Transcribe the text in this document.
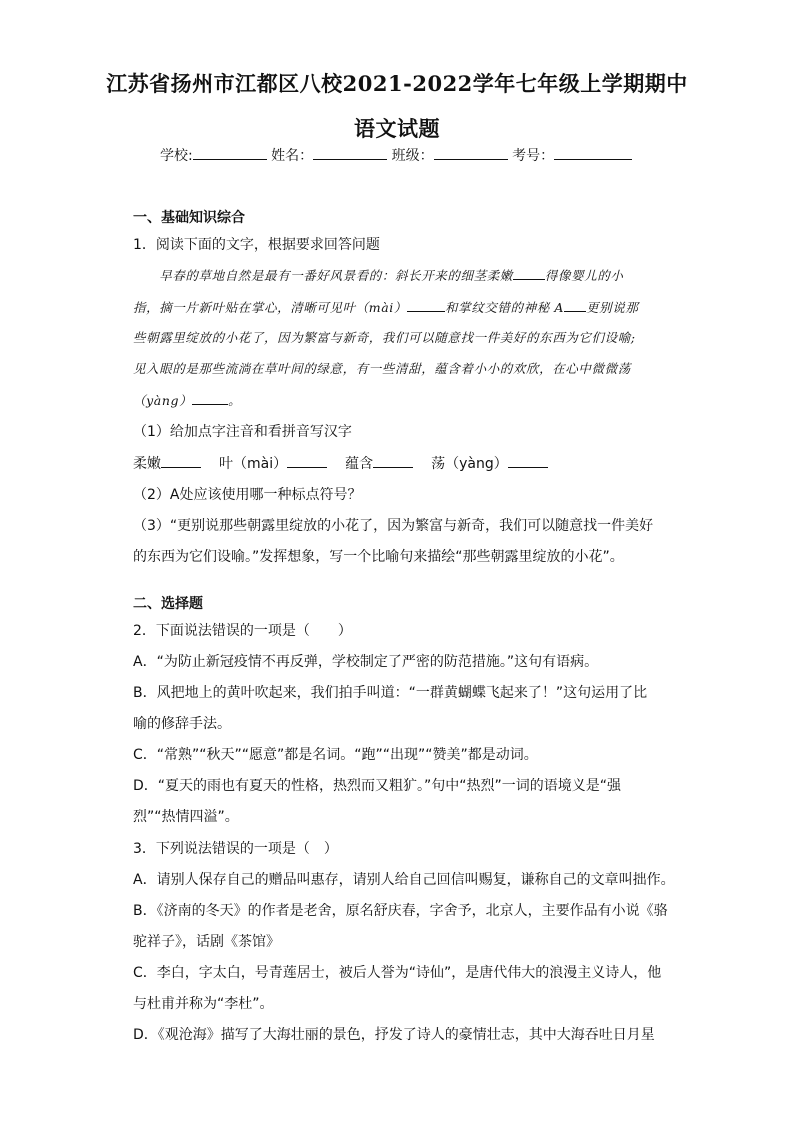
江苏省扬州市江都区八校2021-2022学年七年级上学期期中
语文试题
学校:	姓名：	班级：	考号：
一、基础知识综合
1．阅读下面的文字，根据要求回答问题
　　早春的草地自然是最有一番好风景看的：斜长开来的细茎柔嫩	得像婴儿的小
指，摘一片新叶贴在掌心，清晰可见叶（mài）	和掌纹交错的神秘 A 更别说那
些朝露里绽放的小花了，因为繁富与新奇，我们可以随意找一件美好的东西为它们设喻;
见入眼的是那些流淌在草叶间的绿意，有一些清甜，蕴含着小小的欢欣，在心中微微荡
（yàng）	。
（1）给加点字注音和看拼音写汉字
柔嫩	叶（mài）	蕴含	荡（yàng）
（2）A处应该使用哪一种标点符号？
（3）“更别说那些朝露里绽放的小花了，因为繁富与新奇，我们可以随意找一件美好
的东西为它们设喻。”发挥想象，写一个比喻句来描绘“那些朝露里绽放的小花”。
二、选择题
2．下面说法错误的一项是（　　）
A．“为防止新冠疫情不再反弹，学校制定了严密的防范措施。”这句有语病。
B．风把地上的黄叶吹起来，我们拍手叫道：“一群黄蝴蝶飞起来了！”这句运用了比
喻的修辞手法。
C．“常熟”“秋天”“愿意”都是名词。“跑”“出现”“赞美”都是动词。
D．“夏天的雨也有夏天的性格，热烈而又粗犷。”句中“热烈”一词的语境义是“强
烈”“热情四溢”。
3．下列说法错误的一项是（　）
A．请别人保存自己的赠品叫惠存，请别人给自己回信叫赐复，谦称自己的文章叫拙作。
B．《济南的冬天》的作者是老舍，原名舒庆春，字舍予，北京人，主要作品有小说《骆
驼祥子》，话剧《茶馆》
C．李白，字太白，号青莲居士，被后人誉为“诗仙”，是唐代伟大的浪漫主义诗人，他
与杜甫并称为“李杜”。
D．《观沧海》描写了大海壮丽的景色，抒发了诗人的豪情壮志，其中大海吞吐日月星
